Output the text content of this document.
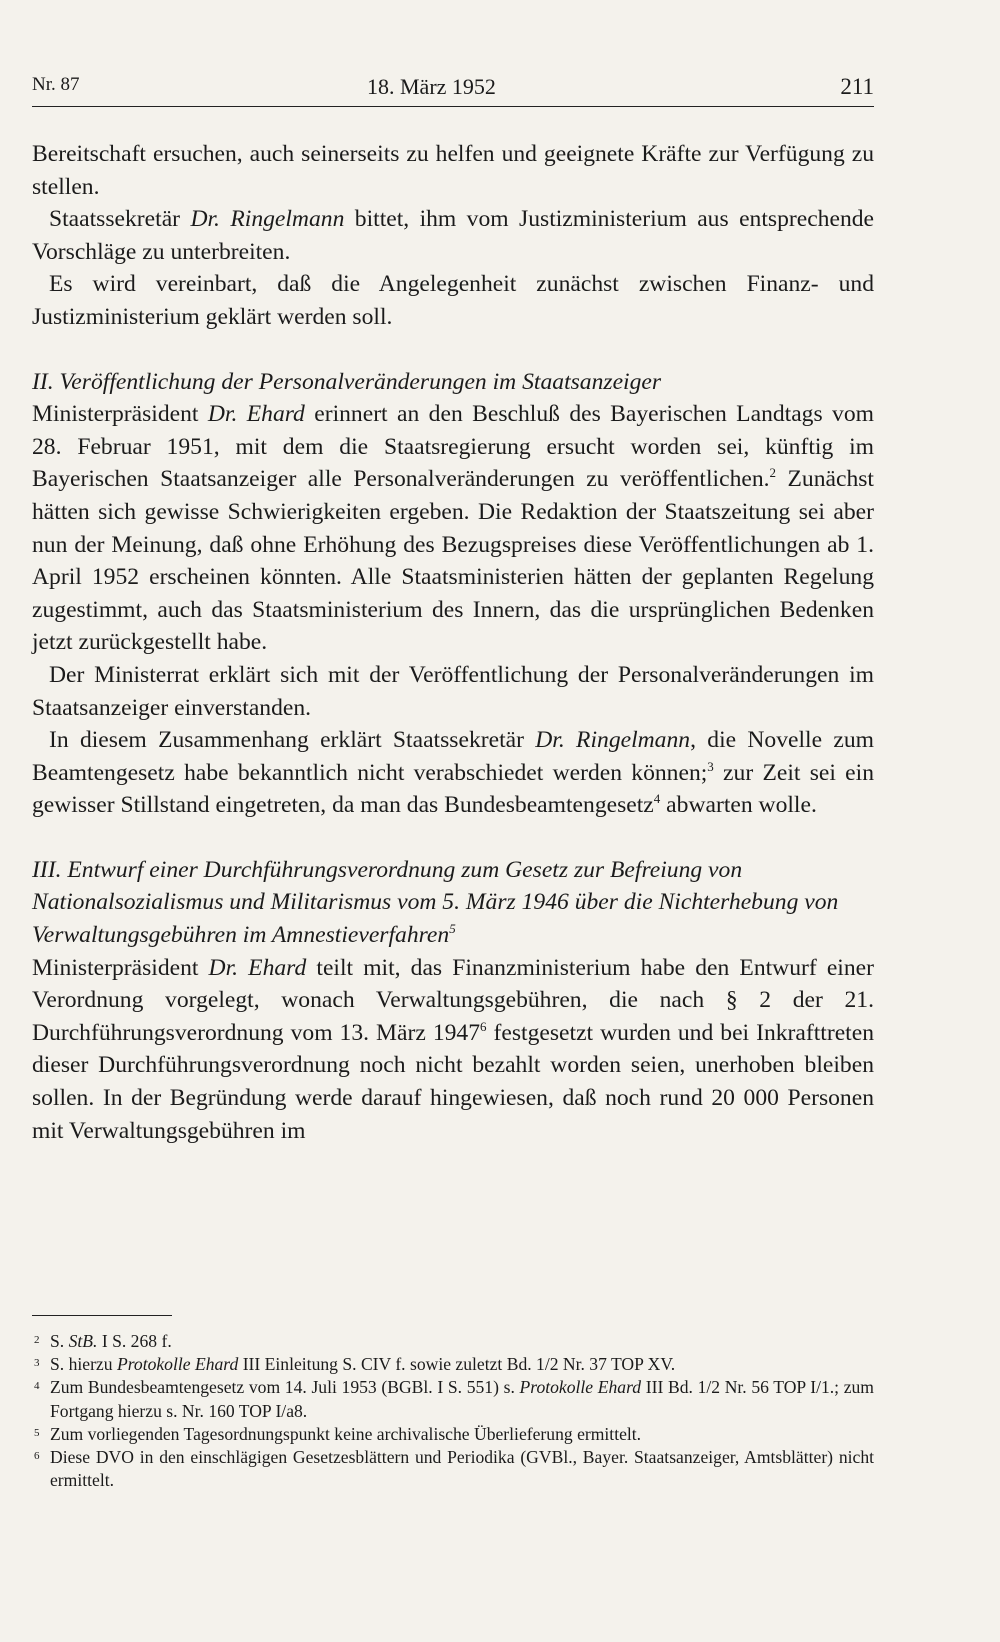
Nr. 87	18. März 1952	211

Bereitschaft ersuchen, auch seinerseits zu helfen und geeignete Kräfte zur Verfügung zu stellen.

Staatssekretär Dr. Ringelmann bittet, ihm vom Justizministerium aus entsprechende Vorschläge zu unterbreiten.

Es wird vereinbart, daß die Angelegenheit zunächst zwischen Finanz- und Justizministerium geklärt werden soll.

II. Veröffentlichung der Personalveränderungen im Staatsanzeiger

Ministerpräsident Dr. Ehard erinnert an den Beschluß des Bayerischen Landtags vom 28. Februar 1951, mit dem die Staatsregierung ersucht worden sei, künftig im Bayerischen Staatsanzeiger alle Personalveränderungen zu veröffentlichen.$^2$ Zunächst hätten sich gewisse Schwierigkeiten ergeben. Die Redaktion der Staatszeitung sei aber nun der Meinung, daß ohne Erhöhung des Bezugspreises diese Veröffentlichungen ab 1. April 1952 erscheinen könnten. Alle Staatsministerien hätten der geplanten Regelung zugestimmt, auch das Staatsministerium des Innern, das die ursprünglichen Bedenken jetzt zurückgestellt habe.

Der Ministerrat erklärt sich mit der Veröffentlichung der Personalveränderungen im Staatsanzeiger einverstanden.

In diesem Zusammenhang erklärt Staatssekretär Dr. Ringelmann, die Novelle zum Beamtengesetz habe bekanntlich nicht verabschiedet werden können;$^3$ zur Zeit sei ein gewisser Stillstand eingetreten, da man das Bundesbeamtengesetz$^4$ abwarten wolle.

III. Entwurf einer Durchführungsverordnung zum Gesetz zur Befreiung von Nationalsozialismus und Militarismus vom 5. März 1946 über die Nichterhebung von Verwaltungsgebühren im Amnestieverfahren$^5$

Ministerpräsident Dr. Ehard teilt mit, das Finanzministerium habe den Entwurf einer Verordnung vorgelegt, wonach Verwaltungsgebühren, die nach § 2 der 21. Durchführungsverordnung vom 13. März 1947$^6$ festgesetzt wurden und bei Inkrafttreten dieser Durchführungsverordnung noch nicht bezahlt worden seien, unerhoben bleiben sollen. In der Begründung werde darauf hingewiesen, daß noch rund 20 000 Personen mit Verwaltungsgebühren im

2 S. StB. I S. 268 f.
3 S. hierzu Protokolle Ehard III Einleitung S. CIV f. sowie zuletzt Bd. 1/2 Nr. 37 TOP XV.
4 Zum Bundesbeamtengesetz vom 14. Juli 1953 (BGBl. I S. 551) s. Protokolle Ehard III Bd. 1/2 Nr. 56 TOP I/1.; zum Fortgang hierzu s. Nr. 160 TOP I/a8.
5 Zum vorliegenden Tagesordnungspunkt keine archivalische Überlieferung ermittelt.
6 Diese DVO in den einschlägigen Gesetzesblättern und Periodika (GVBl., Bayer. Staatsanzeiger, Amtsblätter) nicht ermittelt.
